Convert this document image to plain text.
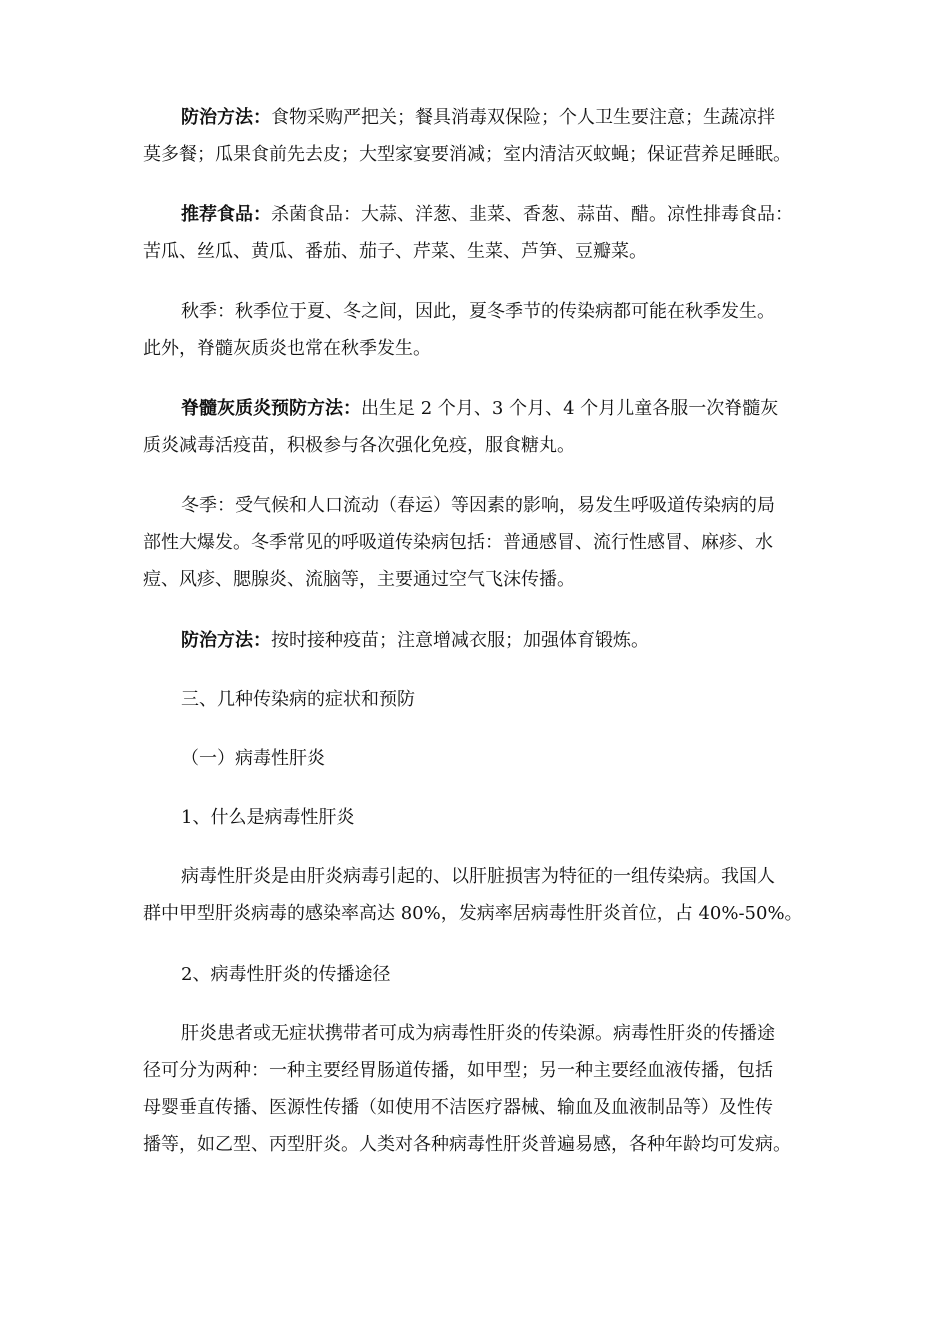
防治方法：食物采购严把关；餐具消毒双保险；个人卫生要注意；生蔬凉拌
莫多餐；瓜果食前先去皮；大型家宴要消减；室内清洁灭蚊蝇；保证营养足睡眠。

推荐食品：杀菌食品：大蒜、洋葱、韭菜、香葱、蒜苗、醋。凉性排毒食品：
苦瓜、丝瓜、黄瓜、番茄、茄子、芹菜、生菜、芦笋、豆瓣菜。

秋季：秋季位于夏、冬之间，因此，夏冬季节的传染病都可能在秋季发生。
此外，脊髓灰质炎也常在秋季发生。

脊髓灰质炎预防方法：出生足 2 个月、3 个月、4 个月儿童各服一次脊髓灰
质炎减毒活疫苗，积极参与各次强化免疫，服食糖丸。

冬季：受气候和人口流动（春运）等因素的影响，易发生呼吸道传染病的局
部性大爆发。冬季常见的呼吸道传染病包括：普通感冒、流行性感冒、麻疹、水
痘、风疹、腮腺炎、流脑等，主要通过空气飞沫传播。

防治方法：按时接种疫苗；注意增减衣服；加强体育锻炼。

三、几种传染病的症状和预防

（一）病毒性肝炎

1、什么是病毒性肝炎

病毒性肝炎是由肝炎病毒引起的、以肝脏损害为特征的一组传染病。我国人
群中甲型肝炎病毒的感染率高达 80%，发病率居病毒性肝炎首位，占 40%-50%。

2、病毒性肝炎的传播途径

肝炎患者或无症状携带者可成为病毒性肝炎的传染源。病毒性肝炎的传播途
径可分为两种：一种主要经胃肠道传播，如甲型；另一种主要经血液传播，包括
母婴垂直传播、医源性传播（如使用不洁医疗器械、输血及血液制品等）及性传
播等，如乙型、丙型肝炎。人类对各种病毒性肝炎普遍易感，各种年龄均可发病。
